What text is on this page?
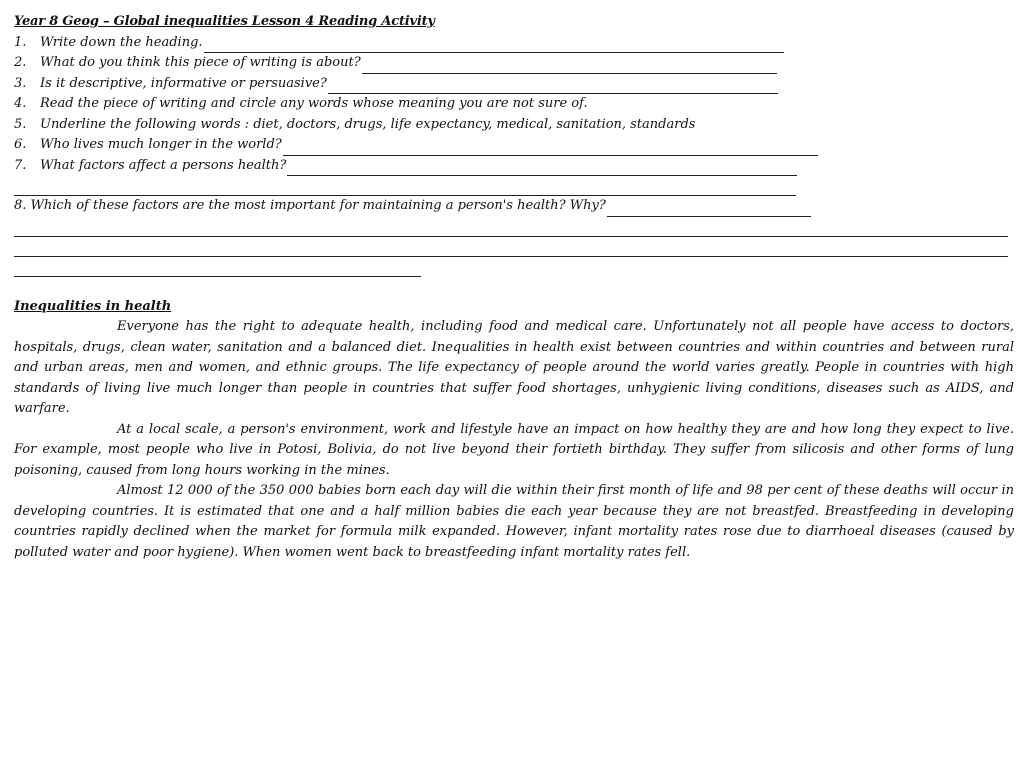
Year 8 Geog – Global inequalities Lesson 4 Reading Activity
1.	Write down the heading.
2.	What do you think this piece of writing is about?
3.	Is it descriptive, informative or persuasive?
4.	Read the piece of writing and circle any words whose meaning you are not sure of.
5.	Underline the following words : diet, doctors, drugs, life expectancy, medical, sanitation, standards
6.	Who lives much longer in the world?
7.	What factors affect a persons health?
8. Which of these factors are the most important for maintaining a person's health? Why?
Inequalities in health

Everyone has the right to adequate health, including food and medical care. Unfortunately not all people have access to doctors, hospitals, drugs, clean water, sanitation and a balanced diet. Inequalities in health exist between countries and within countries and between rural and urban areas, men and women, and ethnic groups. The life expectancy of people around the world varies greatly. People in countries with high standards of living live much longer than people in countries that suffer food shortages, unhygienic living conditions, diseases such as AIDS, and warfare.

At a local scale, a person's environment, work and lifestyle have an impact on how healthy they are and how long they expect to live. For example, most people who live in Potosi, Bolivia, do not live beyond their fortieth birthday. They suffer from silicosis and other forms of lung poisoning, caused from long hours working in the mines.

Almost 12 000 of the 350 000 babies born each day will die within their first month of life and 98 per cent of these deaths will occur in developing countries. It is estimated that one and a half million babies die each year because they are not breastfed. Breastfeeding in developing countries rapidly declined when the market for formula milk expanded. However, infant mortality rates rose due to diarrhoeal diseases (caused by polluted water and poor hygiene). When women went back to breastfeeding infant mortality rates fell.
